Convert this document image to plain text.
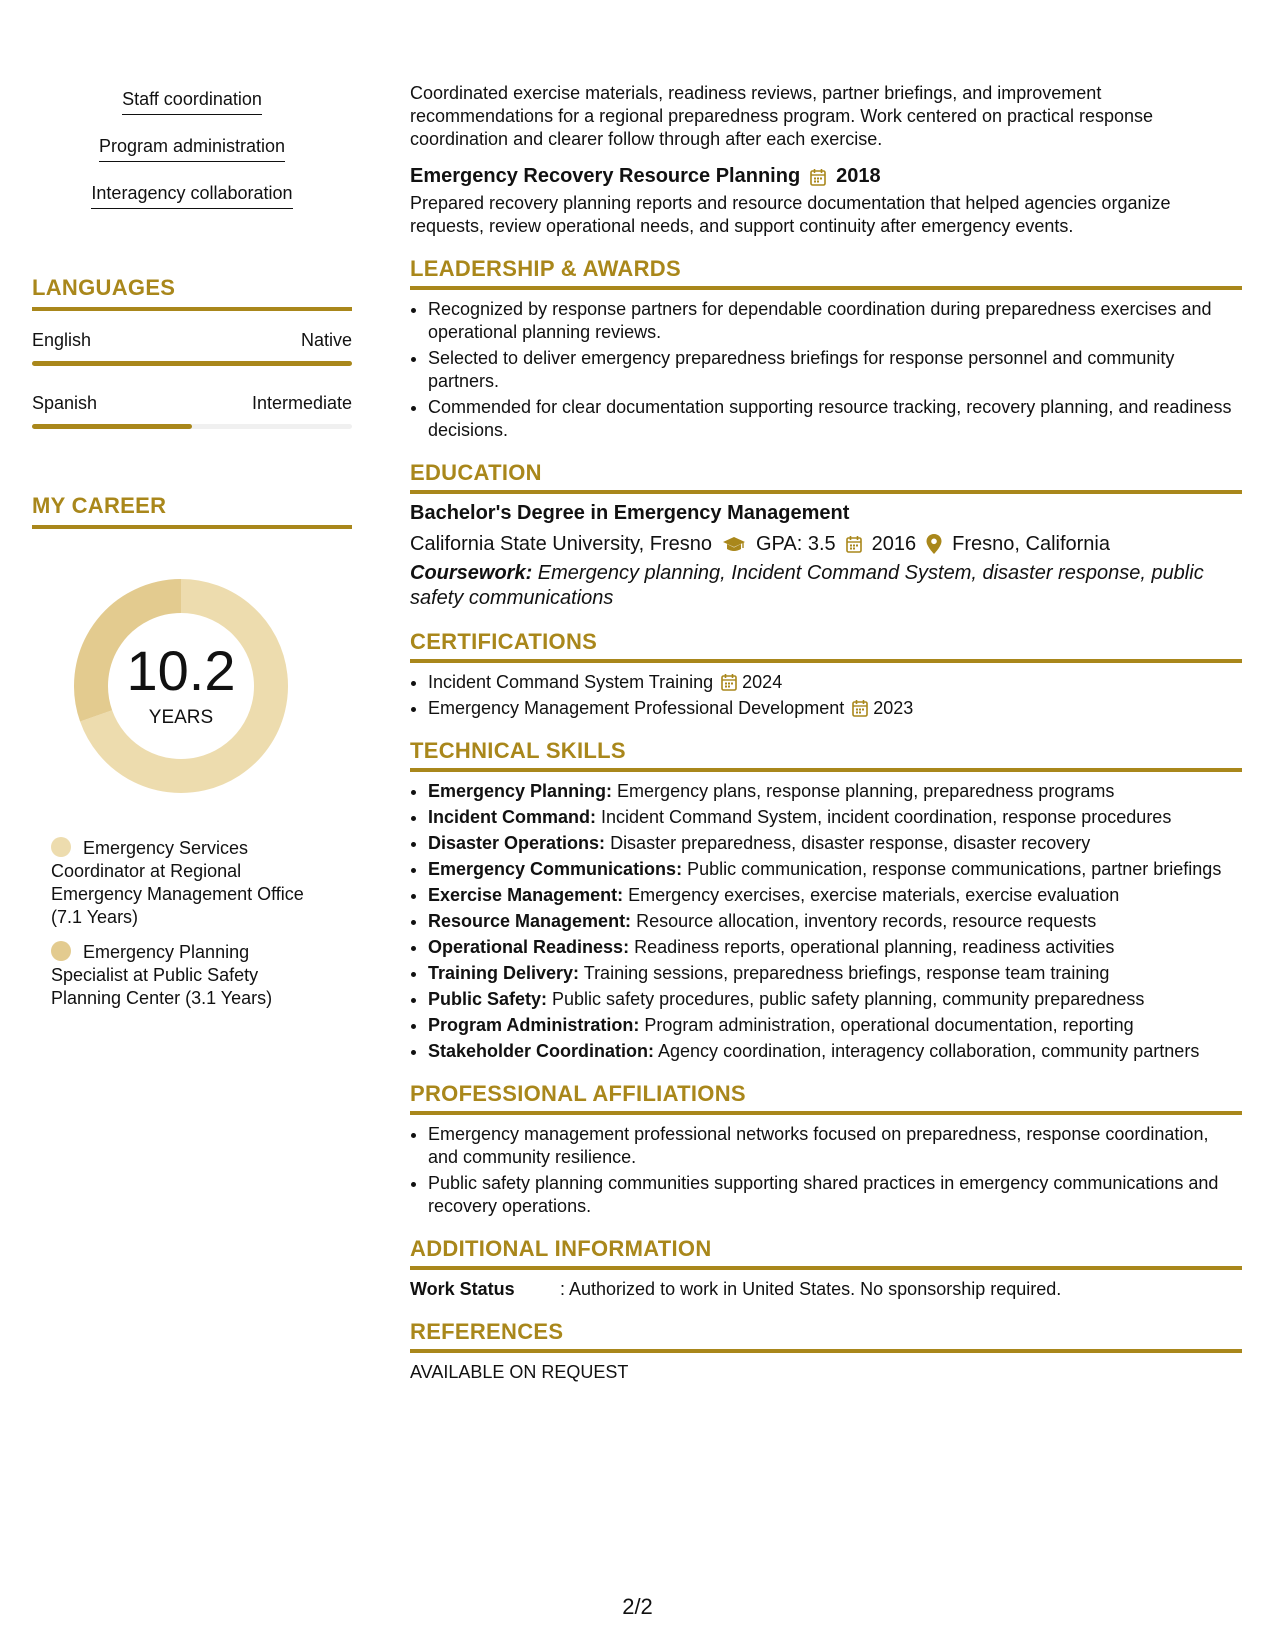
Staff coordination
Program administration
Interagency collaboration
LANGUAGES
English	Native
Spanish	Intermediate
MY CAREER
10.2
YEARS
Emergency Services Coordinator at Regional Emergency Management Office (7.1 Years)
Emergency Planning Specialist at Public Safety Planning Center (3.1 Years)

Coordinated exercise materials, readiness reviews, partner briefings, and improvement recommendations for a regional preparedness program. Work centered on practical response coordination and clearer follow through after each exercise.

Emergency Recovery Resource Planning 2018

Prepared recovery planning reports and resource documentation that helped agencies organize requests, review operational needs, and support continuity after emergency events.

LEADERSHIP & AWARDS
• Recognized by response partners for dependable coordination during preparedness exercises and operational planning reviews.
• Selected to deliver emergency preparedness briefings for response personnel and community partners.
• Commended for clear documentation supporting resource tracking, recovery planning, and readiness decisions.
EDUCATION
Bachelor's Degree in Emergency Management
California State University, Fresno GPA: 3.5 2016 Fresno, California
Coursework: Emergency planning, Incident Command System, disaster response, public safety communications
CERTIFICATIONS
• Incident Command System Training 2024
• Emergency Management Professional Development 2023
TECHNICAL SKILLS
• Emergency Planning: Emergency plans, response planning, preparedness programs
• Incident Command: Incident Command System, incident coordination, response procedures
• Disaster Operations: Disaster preparedness, disaster response, disaster recovery
• Emergency Communications: Public communication, response communications, partner briefings
• Exercise Management: Emergency exercises, exercise materials, exercise evaluation
• Resource Management: Resource allocation, inventory records, resource requests
• Operational Readiness: Readiness reports, operational planning, readiness activities
• Training Delivery: Training sessions, preparedness briefings, response team training
• Public Safety: Public safety procedures, public safety planning, community preparedness
• Program Administration: Program administration, operational documentation, reporting
• Stakeholder Coordination: Agency coordination, interagency collaboration, community partners
PROFESSIONAL AFFILIATIONS
• Emergency management professional networks focused on preparedness, response coordination, and community resilience.
• Public safety planning communities supporting shared practices in emergency communications and recovery operations.
ADDITIONAL INFORMATION
Work Status	: Authorized to work in United States. No sponsorship required.
REFERENCES

AVAILABLE ON REQUEST

2/2
